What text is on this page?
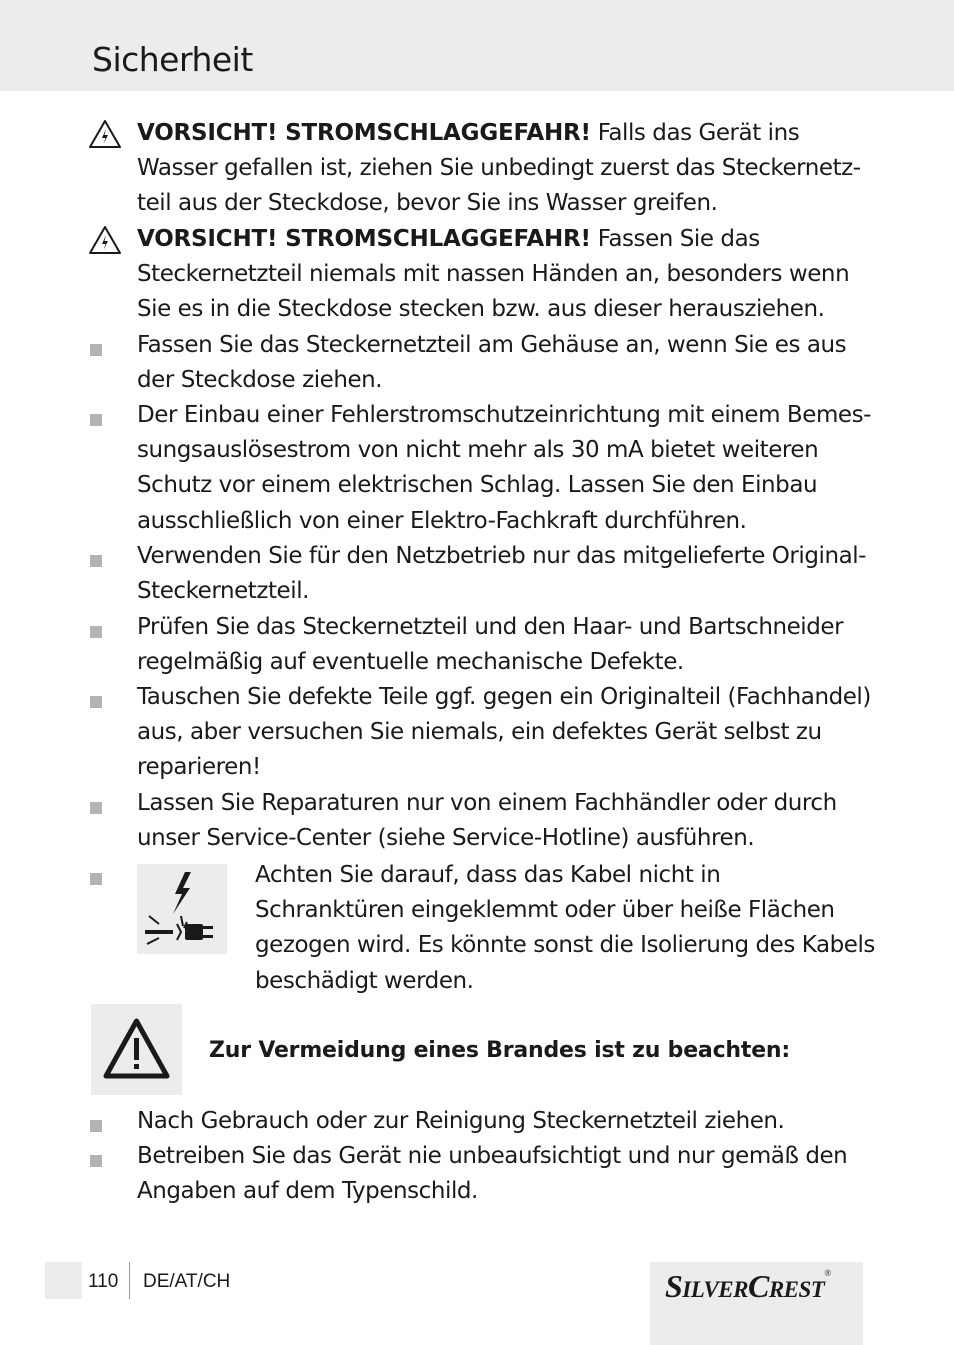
Sicherheit
VORSICHT! STROMSCHLAGGEFAHR! Falls das Gerät ins Wasser gefallen ist, ziehen Sie unbedingt zuerst das Steckernetz-teil aus der Steckdose, bevor Sie ins Wasser greifen.
VORSICHT! STROMSCHLAGGEFAHR! Fassen Sie das Steckernetzteil niemals mit nassen Händen an, besonders wenn Sie es in die Steckdose stecken bzw. aus dieser herausziehen.
Fassen Sie das Steckernetzteil am Gehäuse an, wenn Sie es aus der Steckdose ziehen.
Der Einbau einer Fehlerstromschutzeinrichtung mit einem Bemes-sungsauslösestrom von nicht mehr als 30 mA bietet weiteren Schutz vor einem elektrischen Schlag. Lassen Sie den Einbau ausschließlich von einer Elektro-Fachkraft durchführen.
Verwenden Sie für den Netzbetrieb nur das mitgelieferte Original-Steckernetzteil.
Prüfen Sie das Steckernetzteil und den Haar- und Bartschneider regelmäßig auf eventuelle mechanische Defekte.
Tauschen Sie defekte Teile ggf. gegen ein Originalteil (Fachhandel) aus, aber versuchen Sie niemals, ein defektes Gerät selbst zu reparieren!
Lassen Sie Reparaturen nur von einem Fachhändler oder durch unser Service-Center (siehe Service-Hotline) ausführen.
Achten Sie darauf, dass das Kabel nicht in Schranktüren eingeklemmt oder über heiße Flächen gezogen wird. Es könnte sonst die Isolierung des Kabels beschädigt werden.
Zur Vermeidung eines Brandes ist zu beachten:
Nach Gebrauch oder zur Reinigung Steckernetzteil ziehen.
Betreiben Sie das Gerät nie unbeaufsichtigt und nur gemäß den Angaben auf dem Typenschild.
110 DE/AT/CH	SILVERCREST®
